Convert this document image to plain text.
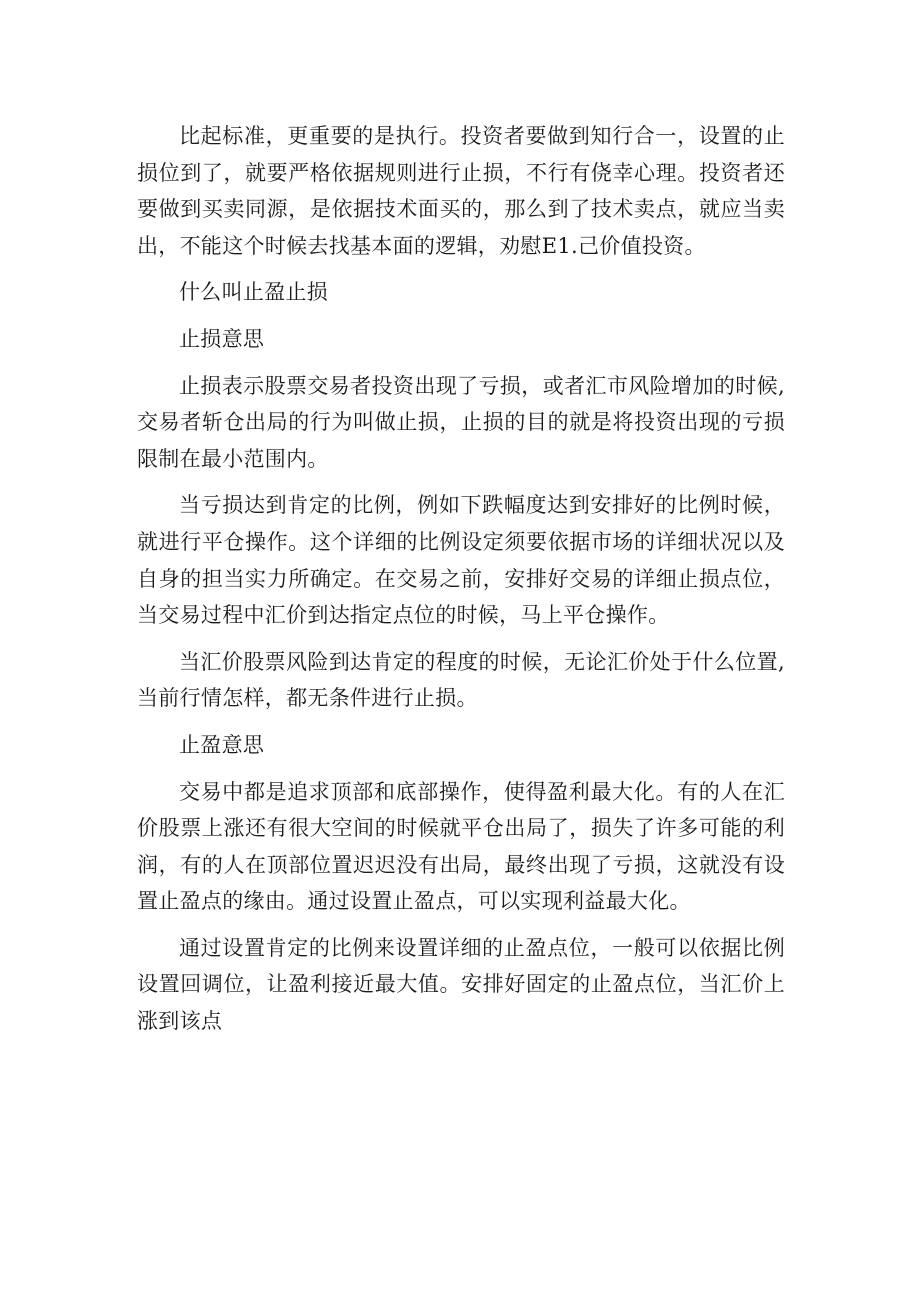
比起标准，更重要的是执行。投资者要做到知行合一，设置的止损位到了，就要严格依据规则进行止损，不行有侥幸心理。投资者还要做到买卖同源，是依据技术面买的，那么到了技术卖点，就应当卖出，不能这个时候去找基本面的逻辑，劝慰E1.己价值投资。

什么叫止盈止损

止损意思

止损表示股票交易者投资出现了亏损，或者汇市风险增加的时候,交易者斩仓出局的行为叫做止损，止损的目的就是将投资出现的亏损限制在最小范围内。

当亏损达到肯定的比例，例如下跌幅度达到安排好的比例时候，就进行平仓操作。这个详细的比例设定须要依据市场的详细状况以及自身的担当实力所确定。在交易之前，安排好交易的详细止损点位，当交易过程中汇价到达指定点位的时候，马上平仓操作。

当汇价股票风险到达肯定的程度的时候，无论汇价处于什么位置,当前行情怎样，都无条件进行止损。

止盈意思

交易中都是追求顶部和底部操作，使得盈利最大化。有的人在汇价股票上涨还有很大空间的时候就平仓出局了，损失了许多可能的利润，有的人在顶部位置迟迟没有出局，最终出现了亏损，这就没有设置止盈点的缘由。通过设置止盈点，可以实现利益最大化。

通过设置肯定的比例来设置详细的止盈点位，一般可以依据比例设置回调位，让盈利接近最大值。安排好固定的止盈点位，当汇价上涨到该点
